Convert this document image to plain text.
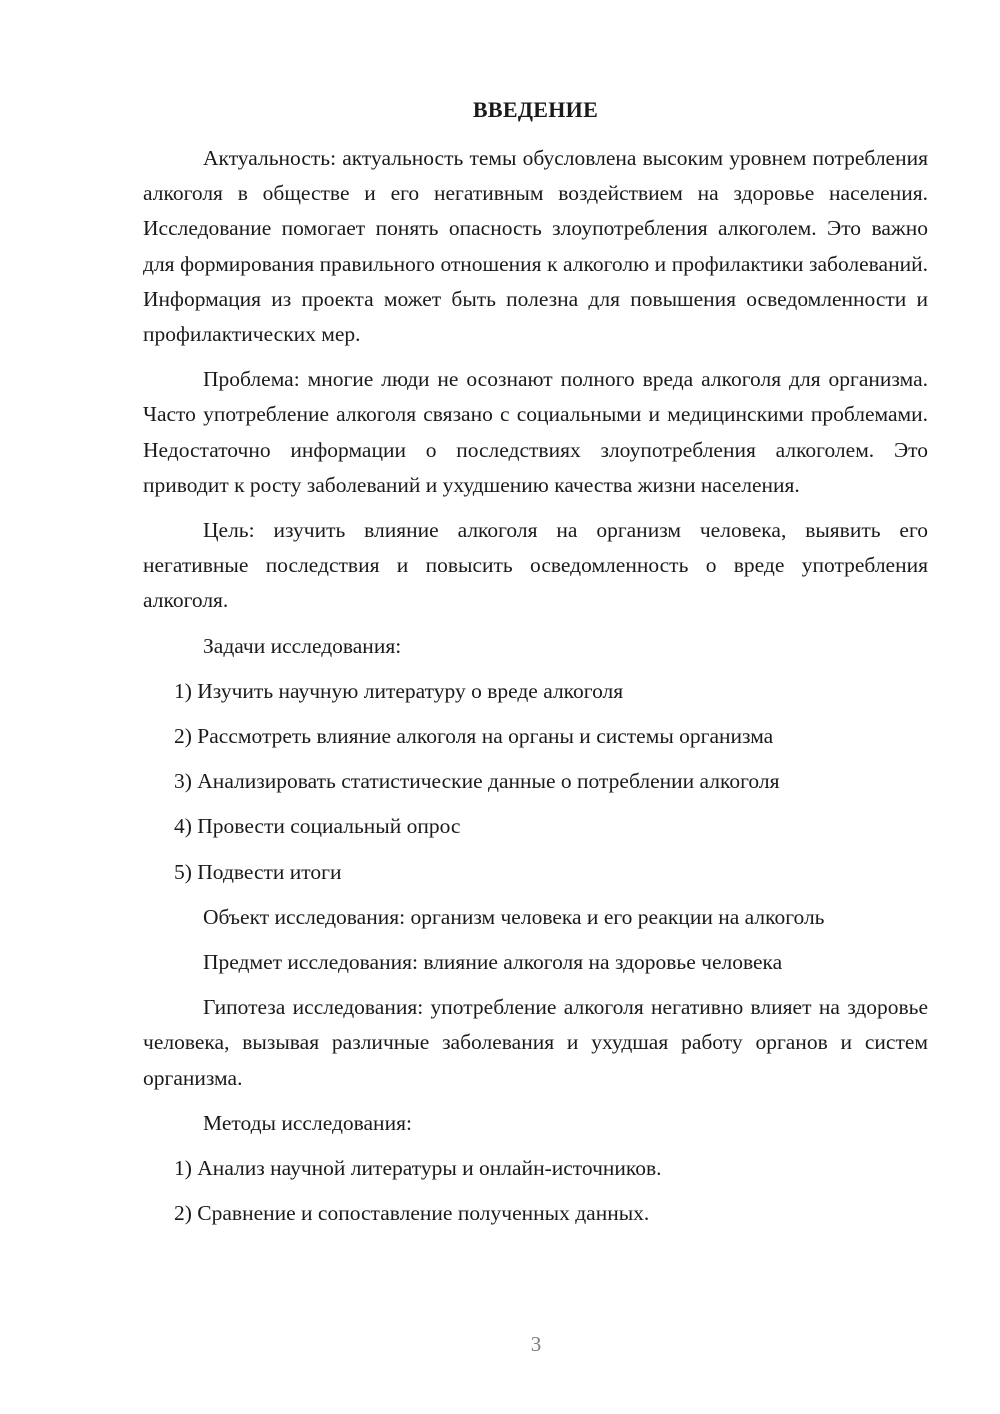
ВВЕДЕНИЕ

Актуальность: актуальность темы обусловлена высоким уровнем потребления алкоголя в обществе и его негативным воздействием на здоровье населения. Исследование помогает понять опасность злоупотребления алкоголем. Это важно для формирования правильного отношения к алкоголю и профилактики заболеваний. Информация из проекта может быть полезна для повышения осведомленности и профилактических мер.

Проблема: многие люди не осознают полного вреда алкоголя для организма. Часто употребление алкоголя связано с социальными и медицинскими проблемами. Недостаточно информации о последствиях злоупотребления алкоголем. Это приводит к росту заболеваний и ухудшению качества жизни населения.

Цель: изучить влияние алкоголя на организм человека, выявить его негативные последствия и повысить осведомленность о вреде употребления алкоголя.

Задачи исследования:

1) Изучить научную литературу о вреде алкоголя

2) Рассмотреть влияние алкоголя на органы и системы организма

3) Анализировать статистические данные о потреблении алкоголя

4) Провести социальный опрос

5) Подвести итоги

Объект исследования: организм человека и его реакции на алкоголь

Предмет исследования: влияние алкоголя на здоровье человека

Гипотеза исследования: употребление алкоголя негативно влияет на здоровье человека, вызывая различные заболевания и ухудшая работу органов и систем организма.

Методы исследования:

1) Анализ научной литературы и онлайн-источников.

2) Сравнение и сопоставление полученных данных.

3
